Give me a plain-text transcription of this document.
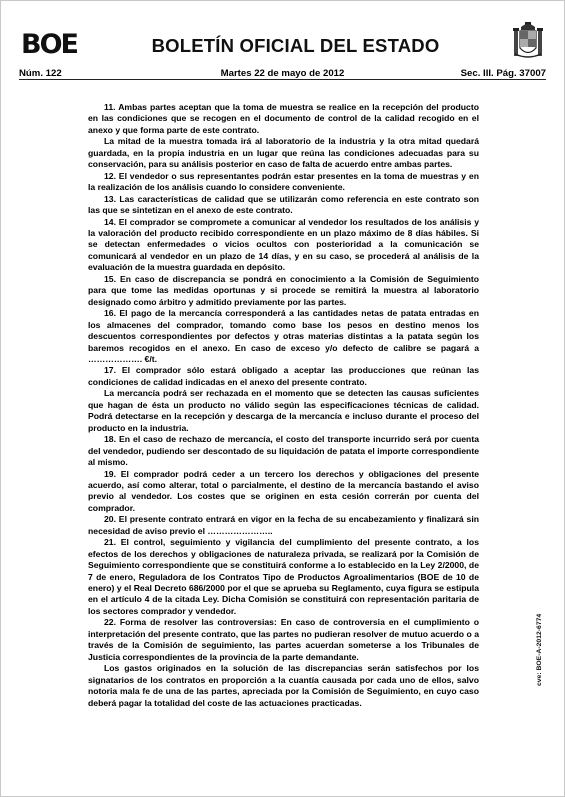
BOE	BOLETÍN OFICIAL DEL ESTADO
Núm. 122	Martes 22 de mayo de 2012	Sec. III. Pág. 37007

11. Ambas partes aceptan que la toma de muestra se realice en la recepción del producto en las condiciones que se recogen en el documento de control de la calidad recogido en el anexo y que forma parte de este contrato.

La mitad de la muestra tomada irá al laboratorio de la industria y la otra mitad quedará guardada, en la propia industria en un lugar que reúna las condiciones adecuadas para su conservación, para su análisis posterior en caso de falta de acuerdo entre ambas partes.

12. El vendedor o sus representantes podrán estar presentes en la toma de muestras y en la realización de los análisis cuando lo considere conveniente.

13. Las características de calidad que se utilizarán como referencia en este contrato son las que se sintetizan en el anexo de este contrato.

14. El comprador se compromete a comunicar al vendedor los resultados de los análisis y la valoración del producto recibido correspondiente en un plazo máximo de 8 días hábiles. Si se detectan enfermedades o vicios ocultos con posterioridad a la comunicación se comunicará al vendedor en un plazo de 14 días, y en su caso, se procederá al análisis de la evaluación de la muestra guardada en depósito.

15. En caso de discrepancia se pondrá en conocimiento a la Comisión de Seguimiento para que tome las medidas oportunas y si procede se remitirá la muestra al laboratorio designado como árbitro y admitido previamente por las partes.

16. El pago de la mercancía corresponderá a las cantidades netas de patata entradas en los almacenes del comprador, tomando como base los pesos en destino menos los descuentos correspondientes por defectos y otras materias distintas a la patata según los baremos recogidos en el anexo. En caso de exceso y/o defecto de calibre se pagará a ………………. €/t.

17. El comprador sólo estará obligado a aceptar las producciones que reúnan las condiciones de calidad indicadas en el anexo del presente contrato.

La mercancía podrá ser rechazada en el momento que se detecten las causas suficientes que hagan de ésta un producto no válido según las especificaciones técnicas de calidad. Podrá detectarse en la recepción y descarga de la mercancía e incluso durante el proceso del producto en la industria.

18. En el caso de rechazo de mercancía, el costo del transporte incurrido será por cuenta del vendedor, pudiendo ser descontado de su liquidación de patata el importe correspondiente al mismo.

19. El comprador podrá ceder a un tercero los derechos y obligaciones del presente acuerdo, así como alterar, total o parcialmente, el destino de la mercancía bastando el aviso previo al vendedor. Los costes que se originen en esta cesión correrán por cuenta del comprador.

20. El presente contrato entrará en vigor en la fecha de su encabezamiento y finalizará sin necesidad de aviso previo el …………………..

21. El control, seguimiento y vigilancia del cumplimiento del presente contrato, a los efectos de los derechos y obligaciones de naturaleza privada, se realizará por la Comisión de Seguimiento correspondiente que se constituirá conforme a lo establecido en la Ley 2/2000, de 7 de enero, Reguladora de los Contratos Tipo de Productos Agroalimentarios (BOE de 10 de enero) y el Real Decreto 686/2000 por el que se aprueba su Reglamento, cuya figura se estipula en el artículo 4 de la citada Ley. Dicha Comisión se constituirá con representación paritaria de los sectores comprador y vendedor.

22. Forma de resolver las controversias: En caso de controversia en el cumplimiento o interpretación del presente contrato, que las partes no pudieran resolver de mutuo acuerdo o a través de la Comisión de seguimiento, las partes acuerdan someterse a los Tribunales de Justicia correspondientes de la provincia de la parte demandante.

Los gastos originados en la solución de las discrepancias serán satisfechos por los signatarios de los contratos en proporción a la cuantía causada por cada uno de ellos, salvo notoria mala fe de una de las partes, apreciada por la Comisión de Seguimiento, en cuyo caso deberá pagar la totalidad del coste de las actuaciones practicadas.

cve: BOE-A-2012-6774
